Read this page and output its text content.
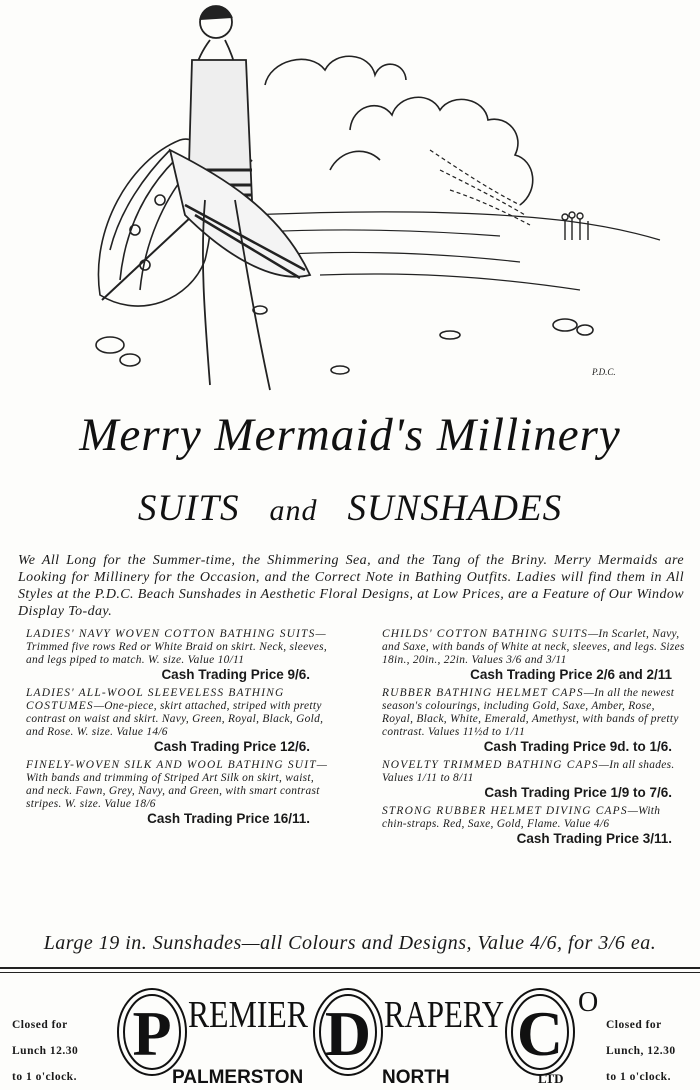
P.D.C.
Merry Mermaid's Millinery
SUITS and SUNSHADES
We All Long for the Summer-time, the Shimmering Sea, and the Tang of the Briny. Merry Mermaids are Looking for Millinery for the Occasion, and the Correct Note in Bathing Outfits. Ladies will find them in All Styles at the P.D.C. Beach Sunshades in Aesthetic Floral Designs, at Low Prices, are a Feature of Our Window Display To-day.
LADIES' NAVY WOVEN COTTON BATHING SUITS—Trimmed five rows Red or White Braid on skirt. Neck, sleeves, and legs piped to match. W. size. Value 10/11
Cash Trading Price 9/6.
LADIES' ALL-WOOL SLEEVELESS BATHING COSTUMES—One-piece, skirt attached, striped with pretty contrast on waist and skirt. Navy, Green, Royal, Black, Gold, and Rose. W. size. Value 14/6
Cash Trading Price 12/6.
FINELY-WOVEN SILK AND WOOL BATHING SUIT—With bands and trimming of Striped Art Silk on skirt, waist, and neck. Fawn, Grey, Navy, and Green, with smart contrast stripes. W. size. Value 18/6
Cash Trading Price 16/11.
CHILDS' COTTON BATHING SUITS—In Scarlet, Navy, and Saxe, with bands of White at neck, sleeves, and legs. Sizes 18in., 20in., 22in. Values 3/6 and 3/11
Cash Trading Price 2/6 and 2/11
RUBBER BATHING HELMET CAPS—In all the newest season's colourings, including Gold, Saxe, Amber, Rose, Royal, Black, White, Emerald, Amethyst, with bands of pretty contrast. Values 11½d to 1/11
Cash Trading Price 9d. to 1/6.
NOVELTY TRIMMED BATHING CAPS—In all shades. Values 1/11 to 8/11
Cash Trading Price 1/9 to 7/6.
STRONG RUBBER HELMET DIVING CAPS—With chin-straps. Red, Saxe, Gold, Flame. Value 4/6
Cash Trading Price 3/11.
Large 19 in. Sunshades—all Colours and Designs, Value 4/6, for 3/6 ea.
Closed for
Lunch 12.30
to 1 o'clock.
P REMIER D RAPERY C O
PALMERSTON	NORTH	LTD
Closed for
Lunch, 12.30
to 1 o'clock.
